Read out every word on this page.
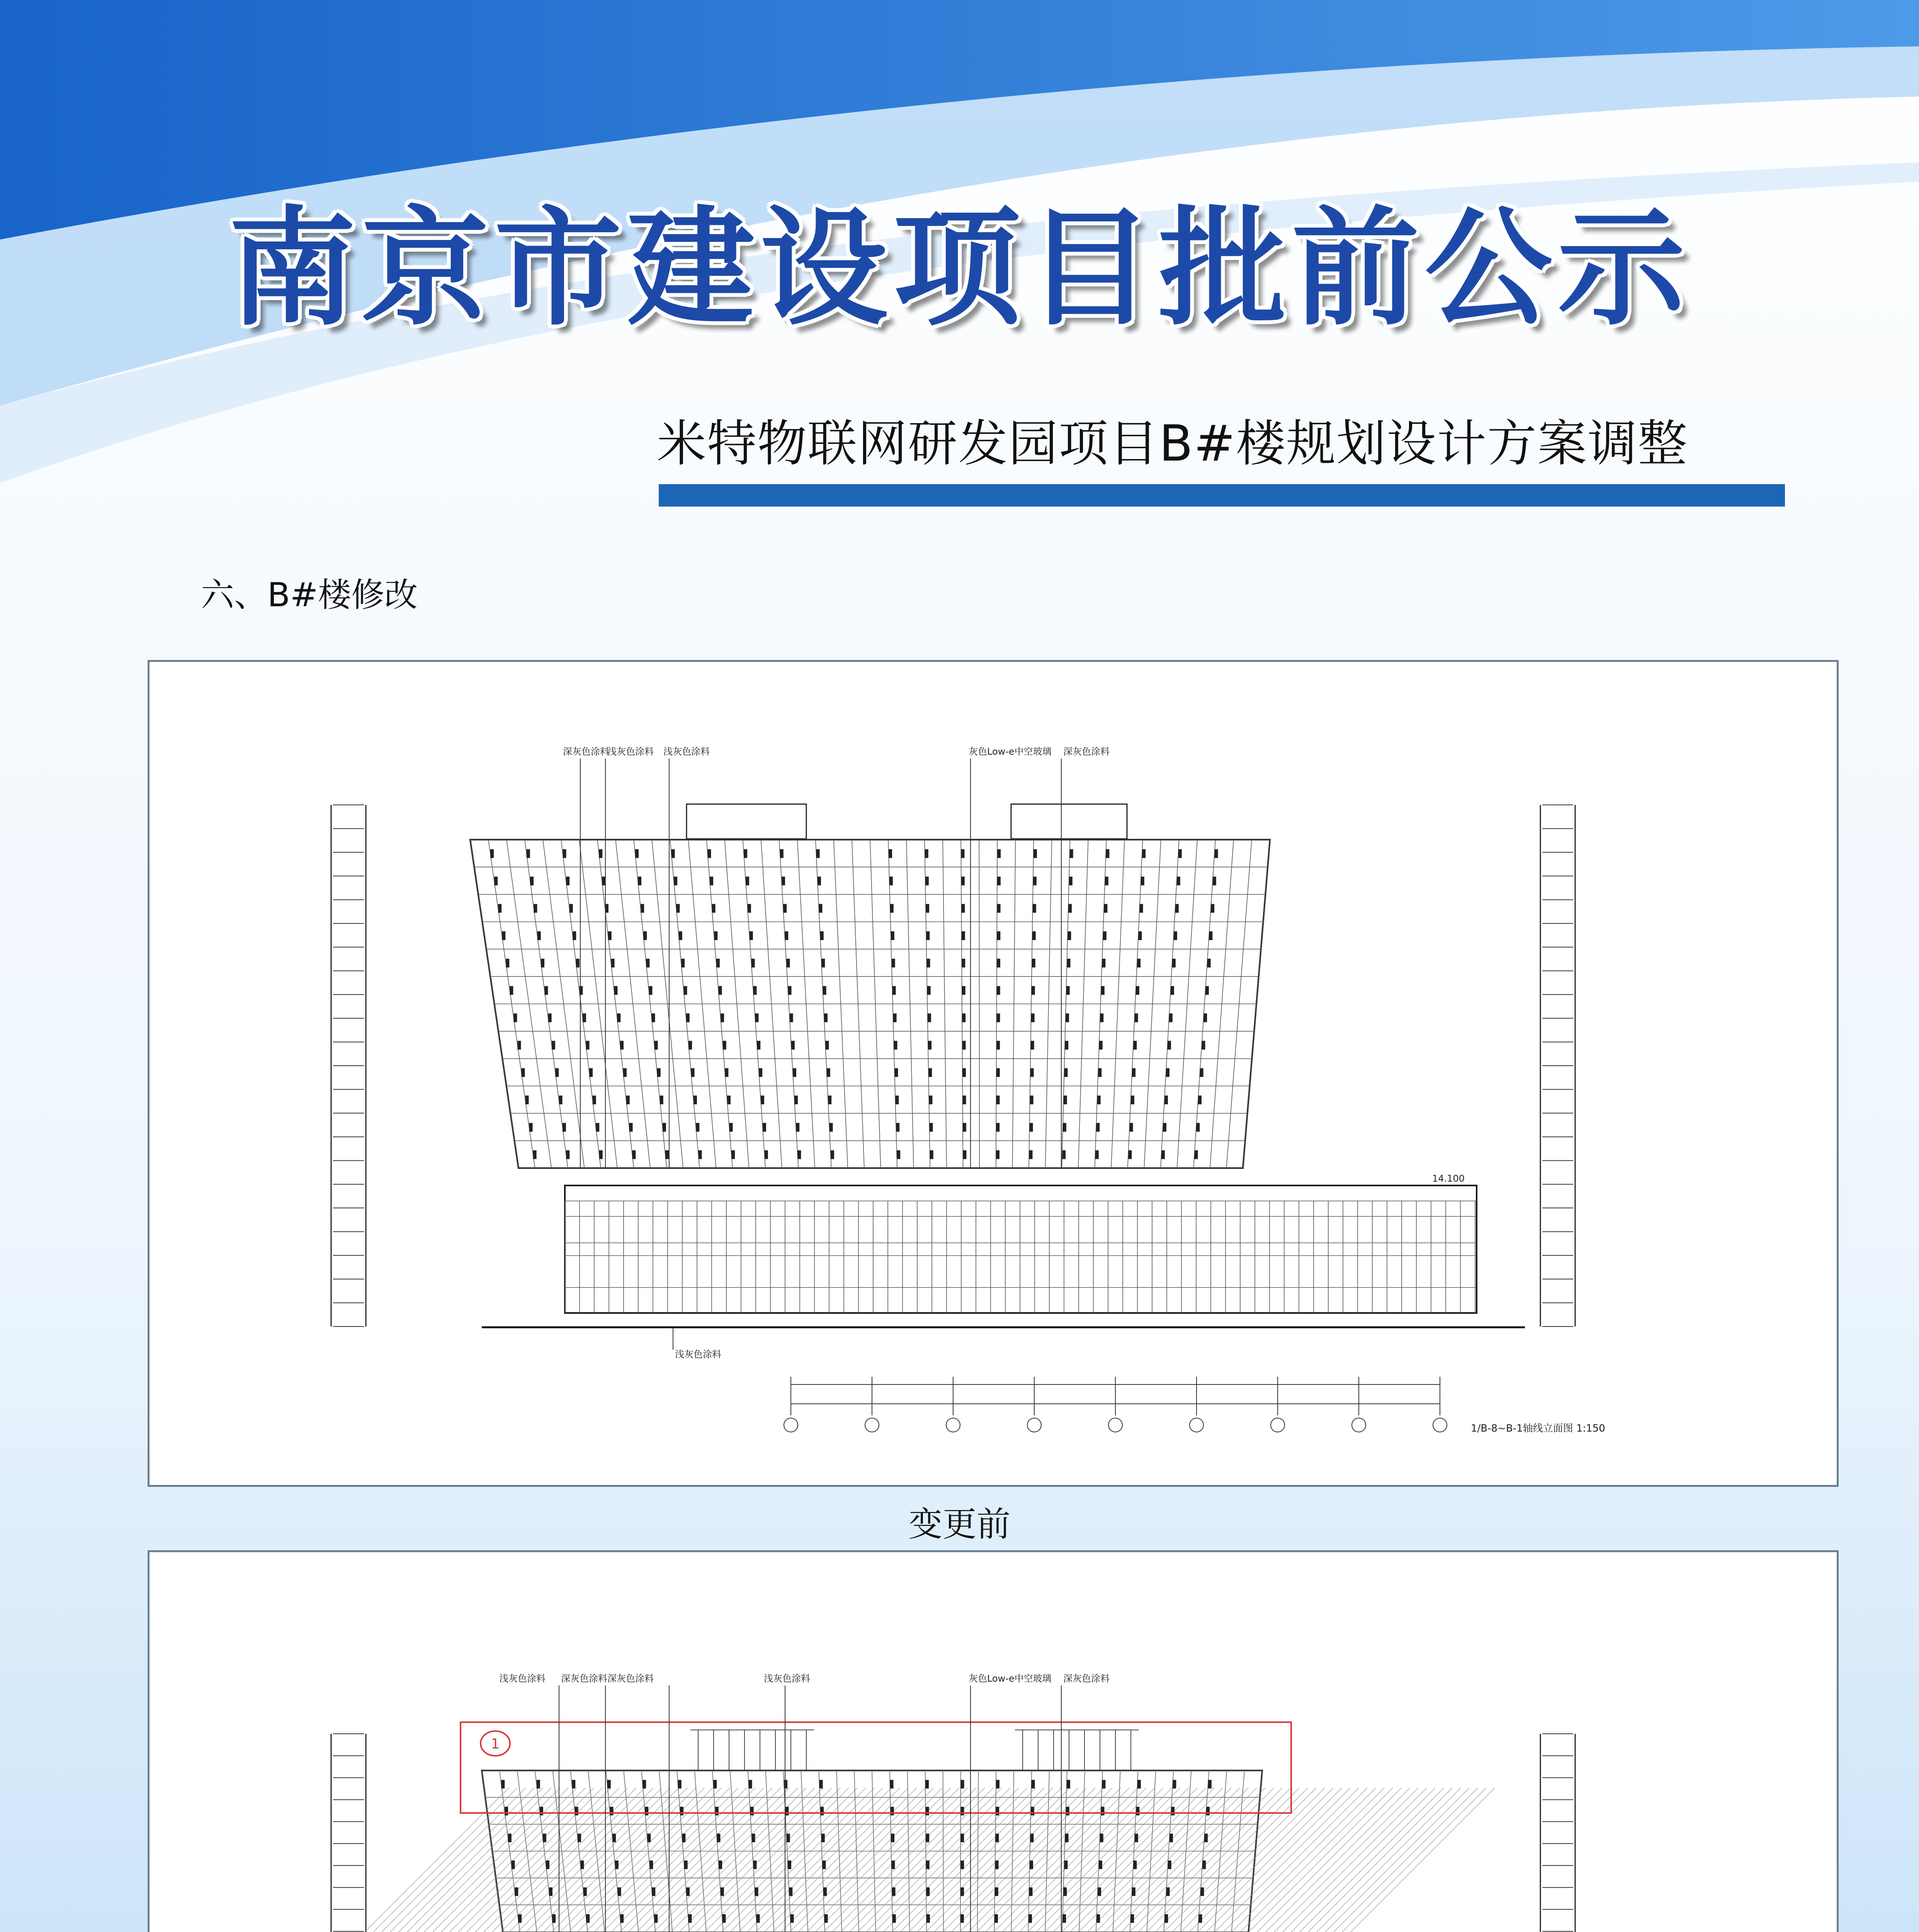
南京市建设项目批前公示
米特物联网研发园项目B#楼规划设计方案调整
六、B#楼修改
深灰色涂料
浅灰色涂料 浅灰色涂料	灰色Low-e中空玻璃 深灰色涂料
浅灰色涂料
14.100
1/B-8~B-1轴线立面图 1:150
变更前
1
浅灰色涂料 深灰色涂料 深灰色涂料	浅灰色涂料	灰色Low-e中空玻璃 深灰色涂料
